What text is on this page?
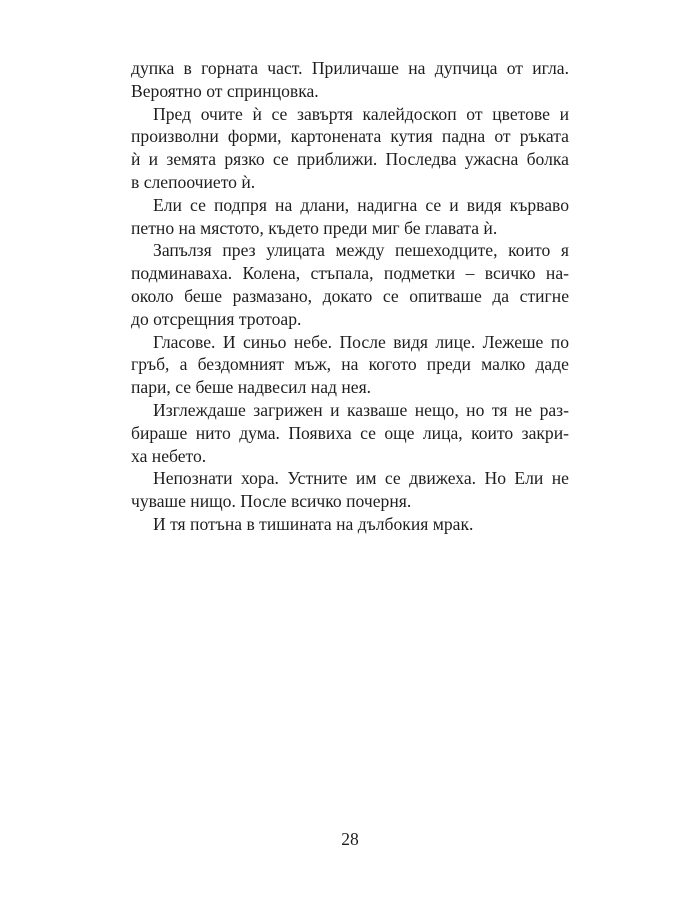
дупка в горната част. Приличаше на дупчица от игла.
Вероятно от спринцовка.
Пред очите ѝ се завъртя калейдоскоп от цветове и
произволни форми, картонената кутия падна от ръката
ѝ и земята рязко се приближи. Последва ужасна болка
в слепоочието ѝ.
Ели се подпря на длани, надигна се и видя кърваво
петно на мястото, където преди миг бе главата ѝ.
Запълзя през улицата между пешеходците, които я
подминаваха. Колена, стъпала, подметки – всичко на-
около беше размазано, докато се опитваше да стигне
до отсрещния тротоар.
Гласове. И синьо небе. После видя лице. Лежеше по
гръб, а бездомният мъж, на когото преди малко даде
пари, се беше надвесил над нея.
Изглеждаше загрижен и казваше нещо, но тя не раз-
бираше нито дума. Появиха се още лица, които закри-
ха небето.
Непознати хора. Устните им се движеха. Но Ели не
чуваше нищо. После всичко почерня.
И тя потъна в тишината на дълбокия мрак.
28
